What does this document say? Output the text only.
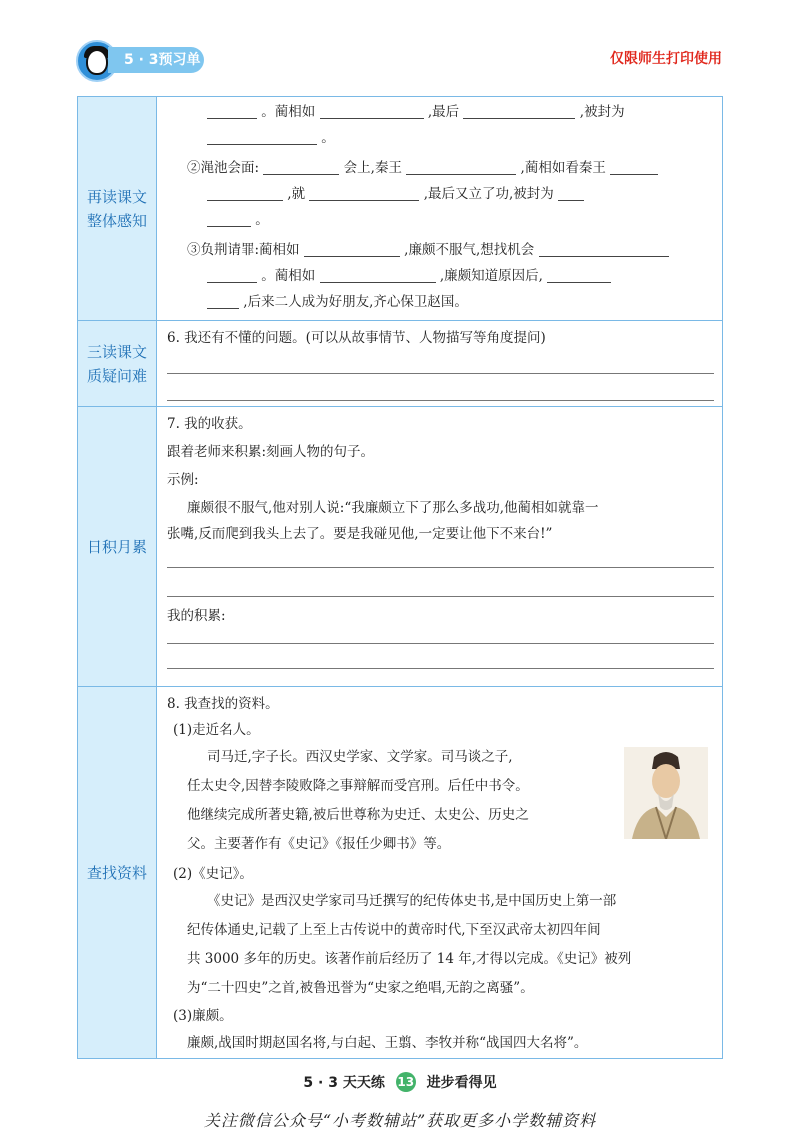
5 · 3预习单	仅限师生打印使用
再读课文
整体感知
。蔺相如	,最后	,被封为
。
②渑池会面:	会上,秦王	,蔺相如看秦王
,就	,最后又立了功,被封为
。
③负荆请罪:蔺相如	,廉颇不服气,想找机会
。蔺相如	,廉颇知道原因后,
,后来二人成为好朋友,齐心保卫赵国。
三读课文
质疑问难
6. 我还有不懂的问题。(可以从故事情节、人物描写等角度提问)
日积月累
7. 我的收获。
跟着老师来积累:刻画人物的句子。
示例:
廉颇很不服气,他对别人说:“我廉颇立下了那么多战功,他蔺相如就靠一
张嘴,反而爬到我头上去了。要是我碰见他,一定要让他下不来台!”
我的积累:
查找资料
8. 我查找的资料。
(1)走近名人。
司马迁,字子长。西汉史学家、文学家。司马谈之子,
任太史令,因替李陵败降之事辩解而受宫刑。后任中书令。
他继续完成所著史籍,被后世尊称为史迁、太史公、历史之
父。主要著作有《史记》《报任少卿书》等。
(2)《史记》。
《史记》是西汉史学家司马迁撰写的纪传体史书,是中国历史上第一部
纪传体通史,记载了上至上古传说中的黄帝时代,下至汉武帝太初四年间
共 3000 多年的历史。该著作前后经历了 14 年,才得以完成。《史记》被列
为“二十四史”之首,被鲁迅誉为“史家之绝唱,无韵之离骚”。
(3)廉颇。
廉颇,战国时期赵国名将,与白起、王翦、李牧并称“战国四大名将”。
5 · 3 天天练 13 进步看得见
关注微信公众号“小考数辅站”获取更多小学数辅资料
